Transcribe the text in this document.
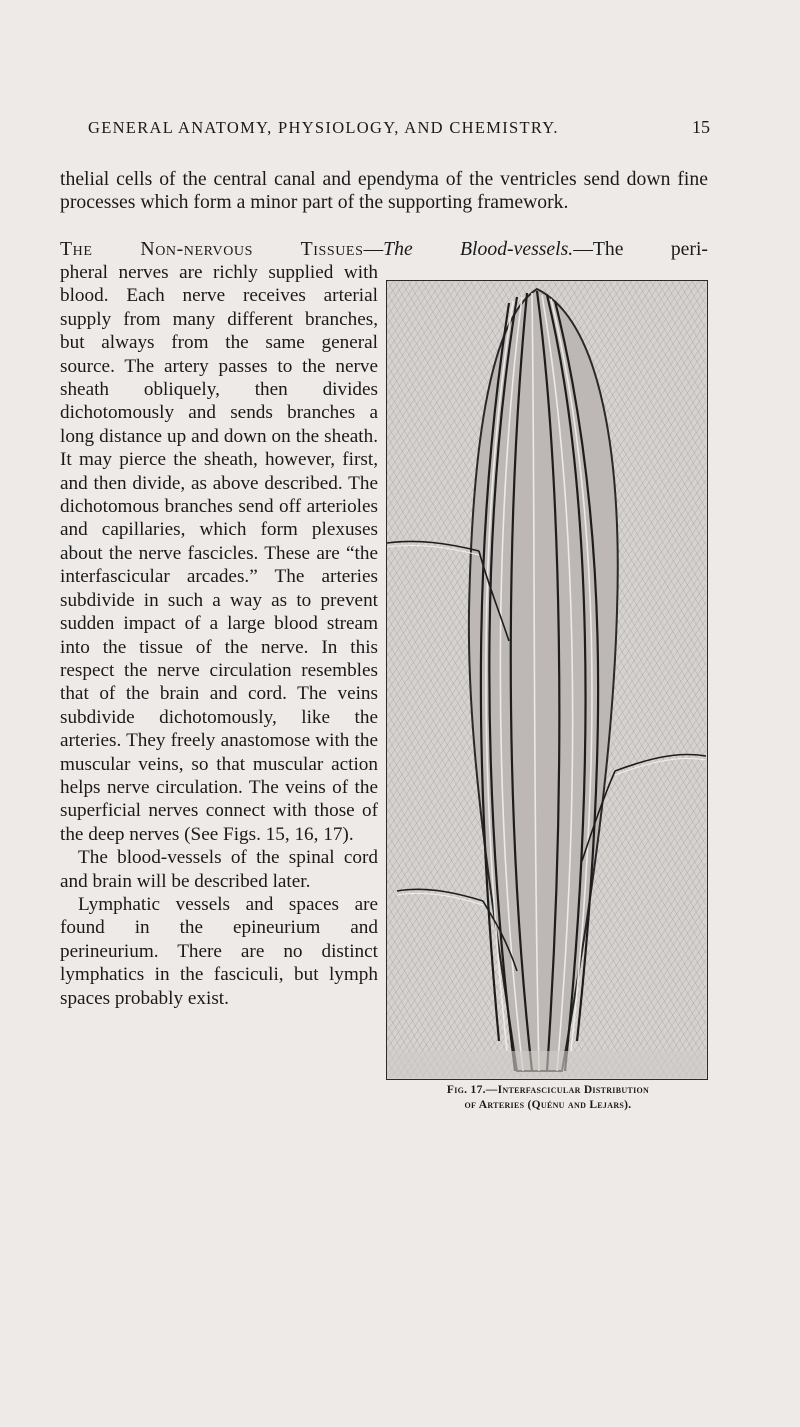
GENERAL ANATOMY, PHYSIOLOGY, AND CHEMISTRY.	15

thelial cells of the central canal and ependyma of the ventricles send down fine processes which form a minor part of the supporting framework.

The Non-nervous Tissues—The Blood-vessels.—The peri-

pheral nerves are richly supplied with blood. Each nerve receives arterial supply from many different branches, but always from the same general source. The artery passes to the nerve sheath obliquely, then divides dichotomously and sends branches a long distance up and down on the sheath. It may pierce the sheath, however, first, and then divide, as above described. The dichotomous branches send off arterioles and capillaries, which form plexuses about the nerve fascicles. These are “the interfascicular arcades.” The arteries subdivide in such a way as to prevent sudden impact of a large blood stream into the tissue of the nerve. In this respect the nerve circulation resembles that of the brain and cord. The veins subdivide dichotomously, like the arteries. They freely anastomose with the muscular veins, so that muscular action helps nerve circulation. The veins of the superficial nerves connect with those of the deep nerves (See Figs. 15, 16, 17).

The blood-vessels of the spinal cord and brain will be described later.

Lymphatic vessels and spaces are found in the epineurium and perineurium. There are no distinct lymphatics in the fasciculi, but lymph spaces probably exist.

Fig. 17.—Interfascicular Distribution
of Arteries (Quénu and Lejars).
